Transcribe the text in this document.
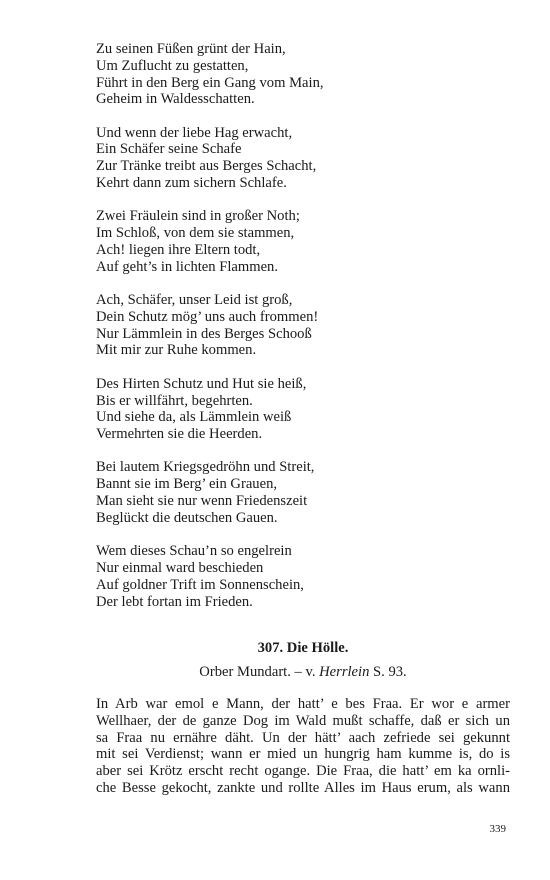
Zu seinen Füßen grünt der Hain,
Um Zuflucht zu gestatten,
Führt in den Berg ein Gang vom Main,
Geheim in Waldesschatten.
Und wenn der liebe Hag erwacht,
Ein Schäfer seine Schafe
Zur Tränke treibt aus Berges Schacht,
Kehrt dann zum sichern Schlafe.
Zwei Fräulein sind in großer Noth;
Im Schloß, von dem sie stammen,
Ach! liegen ihre Eltern todt,
Auf geht’s in lichten Flammen.
Ach, Schäfer, unser Leid ist groß,
Dein Schutz mög’ uns auch frommen!
Nur Lämmlein in des Berges Schooß
Mit mir zur Ruhe kommen.
Des Hirten Schutz und Hut sie heiß,
Bis er willfährt, begehrten.
Und siehe da, als Lämmlein weiß
Vermehrten sie die Heerden.
Bei lautem Kriegsgedröhn und Streit,
Bannt sie im Berg’ ein Grauen,
Man sieht sie nur wenn Friedenszeit
Beglückt die deutschen Gauen.
Wem dieses Schau’n so engelrein
Nur einmal ward beschieden
Auf goldner Trift im Sonnenschein,
Der lebt fortan im Frieden.
307. Die Hölle.
Orber Mundart. – v. Herrlein S. 93.
In Arb war emol e Mann, der hatt’ e bes Fraa. Er wor e armer
Wellhaer, der de ganze Dog im Wald mußt schaffe, daß er sich un
sa Fraa nu ernähre däht. Un der hätt’ aach zefriede sei gekunnt
mit sei Verdienst; wann er mied un hungrig ham kumme is, do is
aber sei Krötz erscht recht ogange. Die Fraa, die hatt’ em ka ornli-
che Besse gekocht, zankte und rollte Alles im Haus erum, als wann
339
